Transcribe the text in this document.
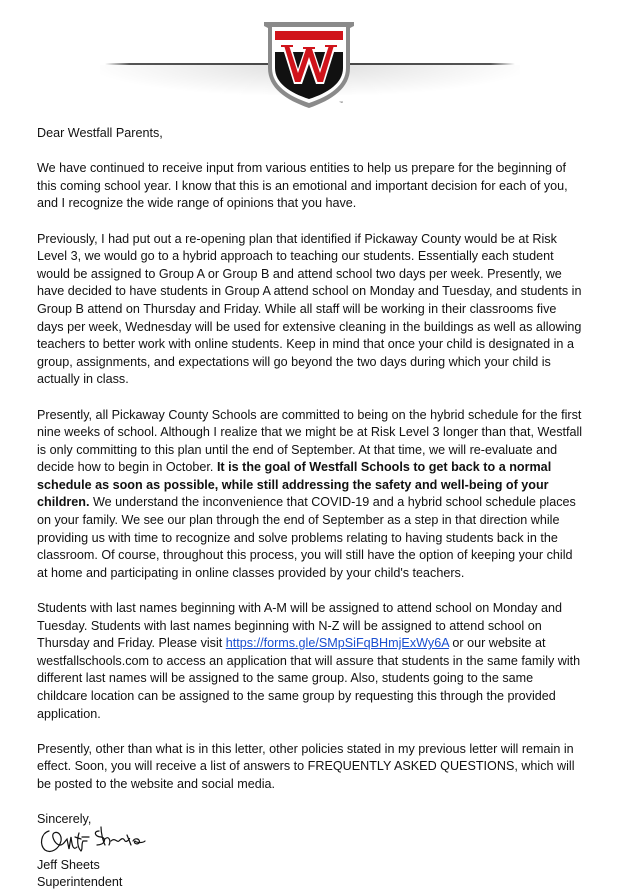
™

Dear Westfall Parents,

We have continued to receive input from various entities to help us prepare for the beginning of this coming school year. I know that this is an emotional and important decision for each of you, and I recognize the wide range of opinions that you have.

Previously, I had put out a re-opening plan that identified if Pickaway County would be at Risk Level 3, we would go to a hybrid approach to teaching our students. Essentially each student would be assigned to Group A or Group B and attend school two days per week. Presently, we have decided to have students in Group A attend school on Monday and Tuesday, and students in Group B attend on Thursday and Friday. While all staff will be working in their classrooms five days per week, Wednesday will be used for extensive cleaning in the buildings as well as allowing teachers to better work with online students. Keep in mind that once your child is designated in a group, assignments, and expectations will go beyond the two days during which your child is actually in class.

Presently, all Pickaway County Schools are committed to being on the hybrid schedule for the first nine weeks of school. Although I realize that we might be at Risk Level 3 longer than that, Westfall is only committing to this plan until the end of September. At that time, we will re-evaluate and decide how to begin in October. It is the goal of Westfall Schools to get back to a normal schedule as soon as possible, while still addressing the safety and well-being of your children. We understand the inconvenience that COVID-19 and a hybrid school schedule places on your family. We see our plan through the end of September as a step in that direction while providing us with time to recognize and solve problems relating to having students back in the classroom. Of course, throughout this process, you will still have the option of keeping your child at home and participating in online classes provided by your child's teachers.

Students with last names beginning with A-M will be assigned to attend school on Monday and Tuesday. Students with last names beginning with N-Z will be assigned to attend school on Thursday and Friday. Please visit https://forms.gle/SMpSiFqBHmjExWy6A or our website at westfallschools.com to access an application that will assure that students in the same family with different last names will be assigned to the same group. Also, students going to the same childcare location can be assigned to the same group by requesting this through the provided application.

Presently, other than what is in this letter, other policies stated in my previous letter will remain in effect. Soon, you will receive a list of answers to FREQUENTLY ASKED QUESTIONS, which will be posted to the website and social media.

Sincerely,

Jeff Sheets

Superintendent
